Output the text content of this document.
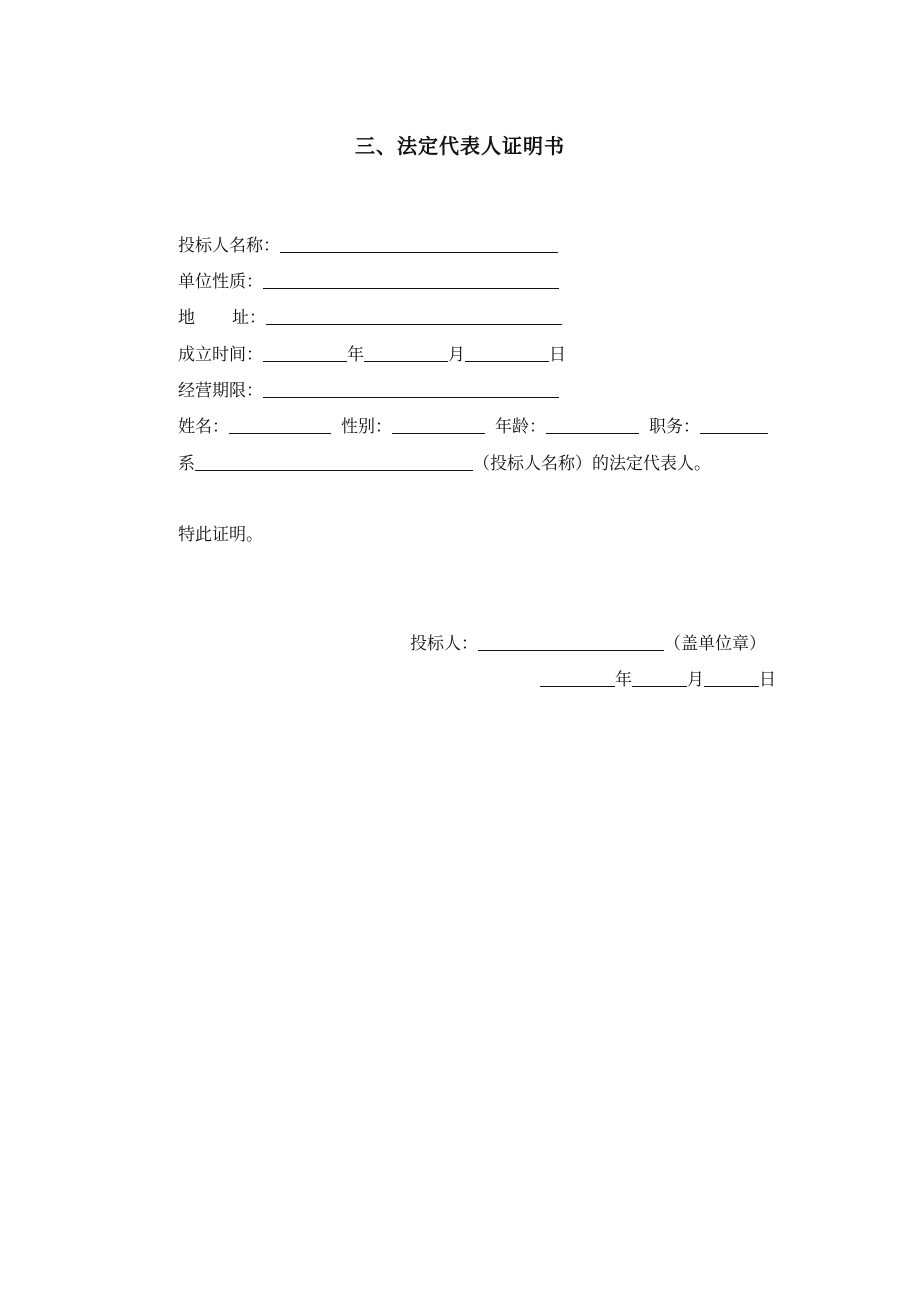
三、法定代表人证明书
投标人名称：
单位性质：
地 址：
成立时间：	年	月	日
经营期限：
姓名：	性别：	年龄：	职务：
系	（投标人名称）的法定代表人。
特此证明。
投标人：	（盖单位章）
年	月	日
